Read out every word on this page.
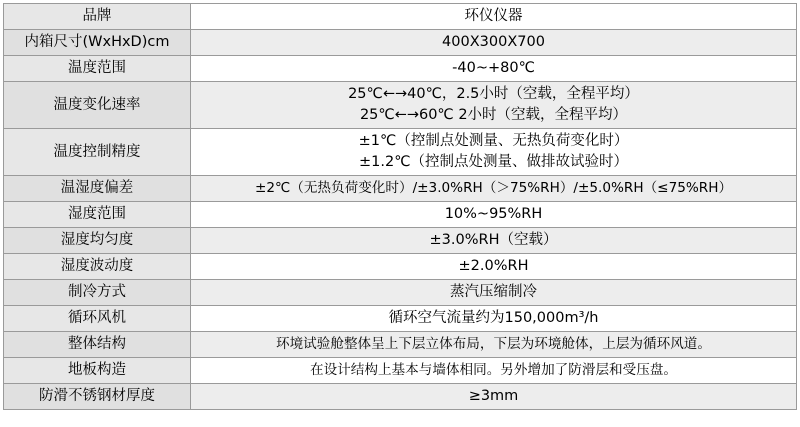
品牌	环仪仪器

内箱尺寸(WxHxD)cm	400X300X700

温度范围	-40~+80℃

温度变化速率	25℃←→40℃，2.5小时（空载，全程平均）
25℃←→60℃ 2小时（空载，全程平均）

温度控制精度	±1℃（控制点处测量、无热负荷变化时）
±1.2℃（控制点处测量、做排故试验时）

温湿度偏差	±2℃（无热负荷变化时）/±3.0%RH（＞75%RH）/±5.0%RH（≤75%RH）

湿度范围	10%~95%RH

湿度均匀度	±3.0%RH（空载）

湿度波动度	±2.0%RH

制冷方式	蒸汽压缩制冷

循环风机	循环空气流量约为150,000m³/h

整体结构	环境试验舱整体呈上下层立体布局，下层为环境舱体，上层为循环风道。

地板构造	在设计结构上基本与墙体相同。另外增加了防滑层和受压盘。

防滑不锈钢材厚度	≥3mm
